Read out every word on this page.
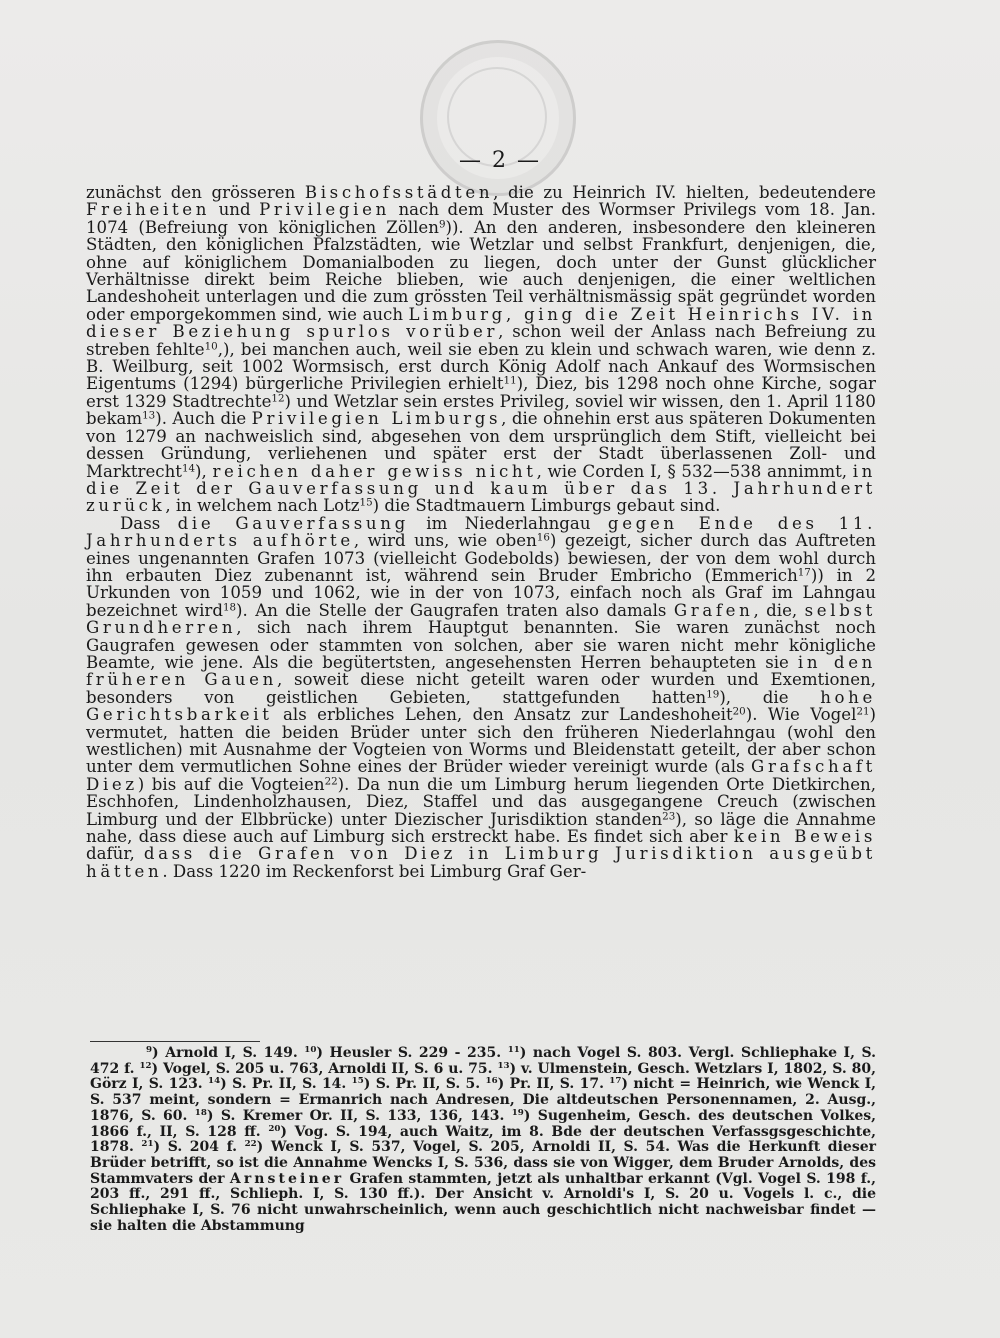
— 2 —

zunächst den grösseren Bischofsstädten, die zu Heinrich IV. hielten, bedeutendere Freiheiten und Privilegien nach dem Muster des Wormser Privilegs vom 18. Jan. 1074 (Befreiung von königlichen Zöllen$^9$)). An den anderen, insbesondere den kleineren Städten, den königlichen Pfalzstädten, wie Wetzlar und selbst Frankfurt, denjenigen, die, ohne auf königlichem Domanialboden zu liegen, doch unter der Gunst glücklicher Verhältnisse direkt beim Reiche blieben, wie auch denjenigen, die einer weltlichen Landeshoheit unterlagen und die zum grössten Teil verhältnismässig spät gegründet worden oder emporgekommen sind, wie auch Limburg, ging die Zeit Heinrichs IV. in dieser Beziehung spurlos vorüber, schon weil der Anlass nach Befreiung zu streben fehlte$^{10}$,), bei manchen auch, weil sie eben zu klein und schwach waren, wie denn z. B. Weilburg, seit 1002 Wormsisch, erst durch König Adolf nach Ankauf des Wormsischen Eigentums (1294) bürgerliche Privilegien erhielt$^{11}$), Diez, bis 1298 noch ohne Kirche, sogar erst 1329 Stadtrechte$^{12}$) und Wetzlar sein erstes Privileg, soviel wir wissen, den 1. April 1180 bekam$^{13}$). Auch die Privilegien Limburgs, die ohnehin erst aus späteren Dokumenten von 1279 an nachweislich sind, abgesehen von dem ursprünglich dem Stift, vielleicht bei dessen Gründung, verliehenen und später erst der Stadt überlassenen Zoll- und Marktrecht$^{14}$), reichen daher gewiss nicht, wie Corden I, § 532—538 annimmt, in die Zeit der Gauverfassung und kaum über das 13. Jahrhundert zurück, in welchem nach Lotz$^{15}$) die Stadtmauern Limburgs gebaut sind.

Dass die Gauverfassung im Niederlahngau gegen Ende des 11. Jahrhunderts aufhörte, wird uns, wie oben$^{16}$) gezeigt, sicher durch das Auftreten eines ungenannten Grafen 1073 (vielleicht Godebolds) bewiesen, der von dem wohl durch ihn erbauten Diez zubenannt ist, während sein Bruder Embricho (Emmerich$^{17}$)) in 2 Urkunden von 1059 und 1062, wie in der von 1073, einfach noch als Graf im Lahngau bezeichnet wird$^{18}$). An die Stelle der Gaugrafen traten also damals Grafen, die, selbst Grundherren, sich nach ihrem Hauptgut benannten. Sie waren zunächst noch Gaugrafen gewesen oder stammten von solchen, aber sie waren nicht mehr königliche Beamte, wie jene. Als die begütertsten, angesehensten Herren behaupteten sie in den früheren Gauen, soweit diese nicht geteilt waren oder wurden und Exemtionen, besonders von geistlichen Gebieten, stattgefunden hatten$^{19}$), die hohe Gerichtsbarkeit als erbliches Lehen, den Ansatz zur Landeshoheit$^{20}$). Wie Vogel$^{21}$) vermutet, hatten die beiden Brüder unter sich den früheren Niederlahngau (wohl den westlichen) mit Ausnahme der Vogteien von Worms und Bleidenstatt geteilt, der aber schon unter dem vermutlichen Sohne eines der Brüder wieder vereinigt wurde (als Grafschaft Diez) bis auf die Vogteien$^{22}$). Da nun die um Limburg herum liegenden Orte Dietkirchen, Eschhofen, Lindenholzhausen, Diez, Staffel und das ausgegangene Creuch (zwischen Limburg und der Elbbrücke) unter Diezischer Jurisdiktion standen$^{23}$), so läge die Annahme nahe, dass diese auch auf Limburg sich erstreckt habe. Es findet sich aber kein Beweis dafür, dass die Grafen von Diez in Limburg Jurisdiktion ausgeübt hätten. Dass 1220 im Reckenforst bei Limburg Graf Ger-

$^9$) Arnold I, S. 149. $^{10}$) Heusler S. 229 - 235. $^{11}$) nach Vogel S. 803. Vergl. Schliephake I, S. 472 f. $^{12}$) Vogel, S. 205 u. 763, Arnoldi II, S. 6 u. 75. $^{13}$) v. Ulmenstein, Gesch. Wetzlars I, 1802, S. 80, Görz I, S. 123. $^{14}$) S. Pr. II, S. 14. $^{15}$) S. Pr. II, S. 5. $^{16}$) Pr. II, S. 17. $^{17}$) nicht = Heinrich, wie Wenck I, S. 537 meint, sondern = Ermanrich nach Andresen, Die altdeutschen Personennamen, 2. Ausg., 1876, S. 60. $^{18}$) S. Kremer Or. II, S. 133, 136, 143. $^{19}$) Sugenheim, Gesch. des deutschen Volkes, 1866 f., II, S. 128 ff. $^{20}$) Vog. S. 194, auch Waitz, im 8. Bde der deutschen Verfassgsgeschichte, 1878. $^{21}$) S. 204 f. $^{22}$) Wenck I, S. 537, Vogel, S. 205, Arnoldi II, S. 54. Was die Herkunft dieser Brüder betrifft, so ist die Annahme Wencks I, S. 536, dass sie von Wigger, dem Bruder Arnolds, des Stammvaters der Arnsteiner Grafen stammten, jetzt als unhaltbar erkannt (Vgl. Vogel S. 198 f., 203 ff., 291 ff., Schlieph. I, S. 130 ff.). Der Ansicht v. Arnoldi's I, S. 20 u. Vogels l. c., die Schliephake I, S. 76 nicht unwahrscheinlich, wenn auch geschichtlich nicht nachweisbar findet — sie halten die Abstammung
